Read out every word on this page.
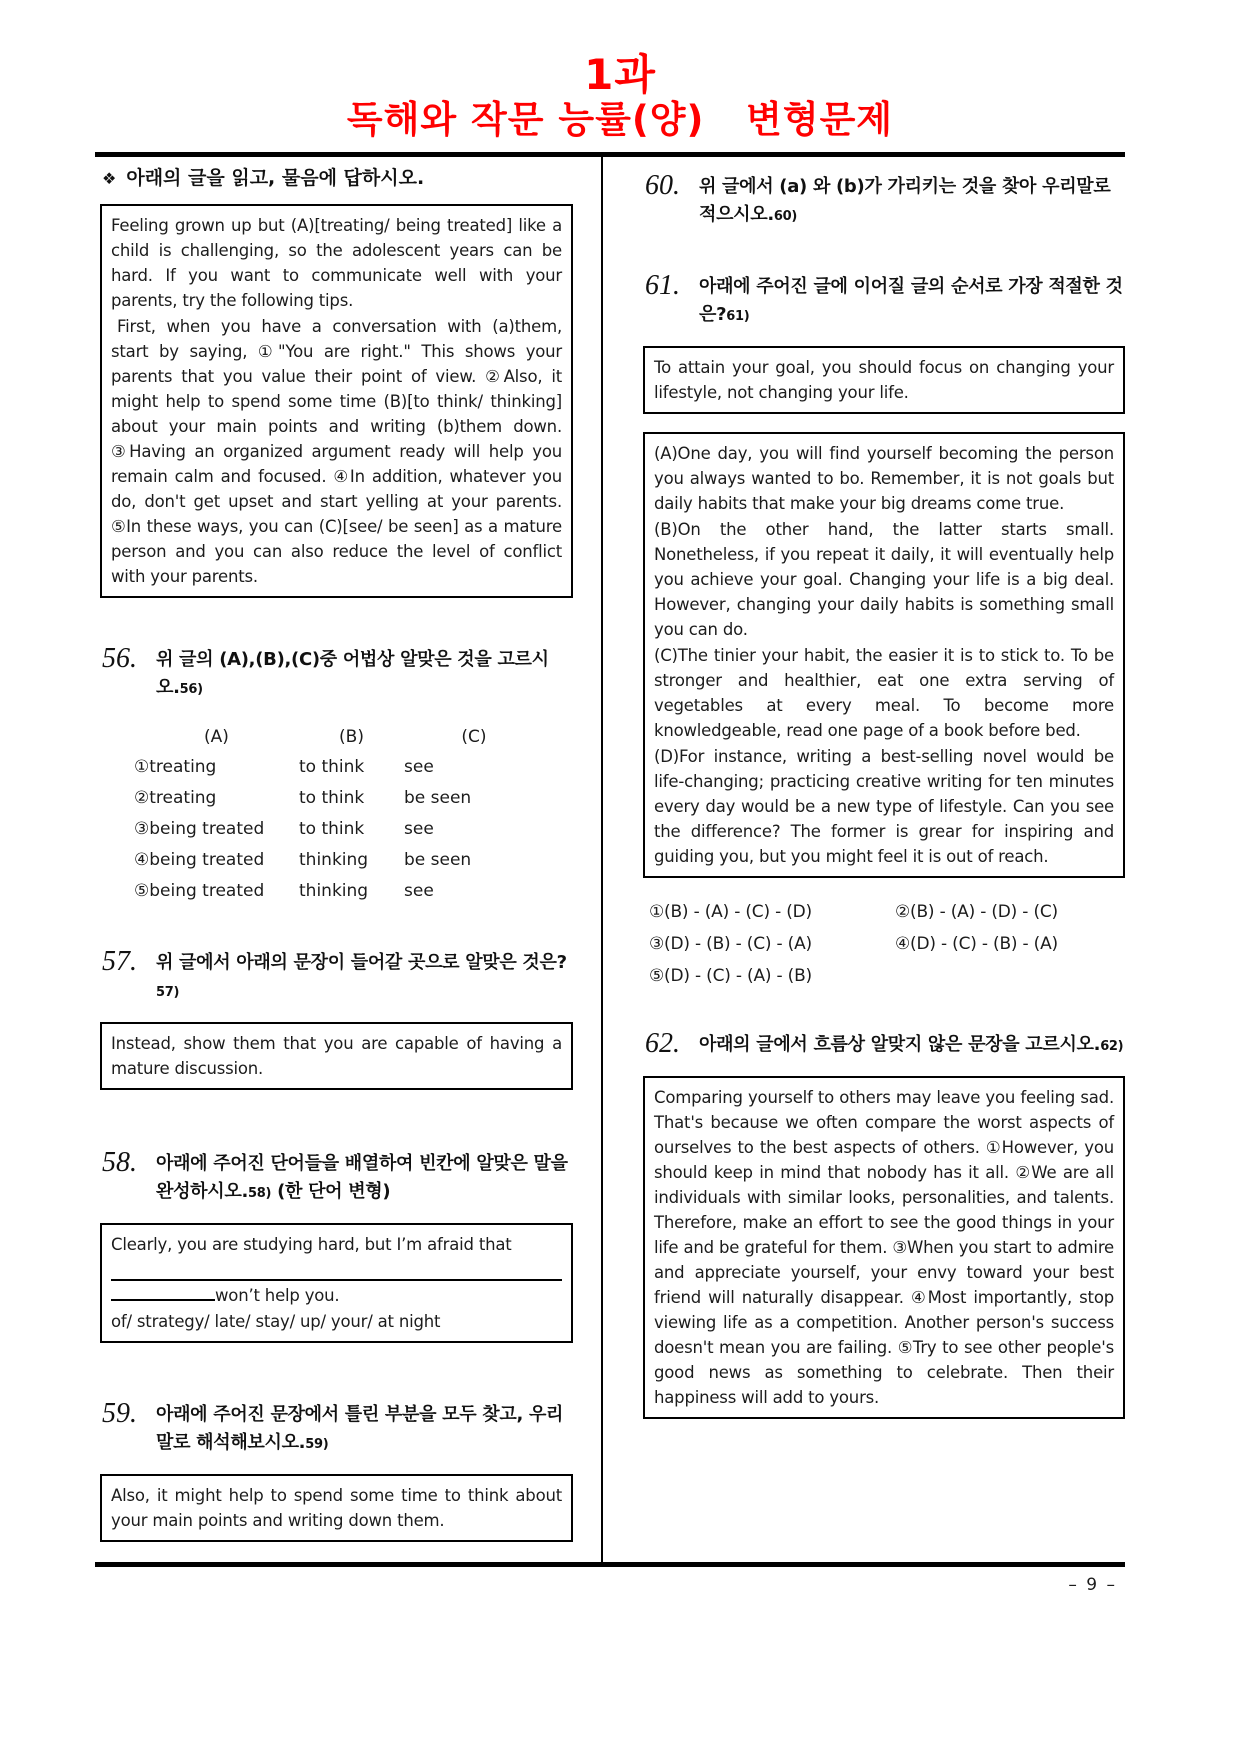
1과
독해와 작문 능률(양)   변형문제
❖ 아래의 글을 읽고, 물음에 답하시오.

Feeling grown up but (A)[treating/ being treated] like a child is challenging, so the adolescent years can be hard. If you want to communicate well with your parents, try the following tips.

First, when you have a conversation with (a)them, start by saying, ①"You are right." This shows your parents that you value their point of view. ②Also, it might help to spend some time (B)[to think/ thinking] about your main points and writing (b)them down. ③Having an organized argument ready will help you remain calm and focused. ④In addition, whatever you do, don't get upset and start yelling at your parents. ⑤In these ways, you can (C)[see/ be seen] as a mature person and you can also reduce the level of conflict with your parents.

56.	위 글의 (A),(B),(C)중 어법상 알맞은 것을 고르시오.56)
(A)	(B)	(C)
①treating	to think	see
②treating	to think	be seen
③being treated	to think	see
④being treated	thinking	be seen
⑤being treated	thinking	see
57.	위 글에서 아래의 문장이 들어갈 곳으로 알맞은 것은?57)

Instead, show them that you are capable of having a mature discussion.

58.	아래에 주어진 단어들을 배열하여 빈칸에 알맞은 말을 완성하시오.58) (한 단어 변형)

Clearly, you are studying hard, but I’m afraid that

won’t help you.

of/ strategy/ late/ stay/ up/ your/ at night

59.	아래에 주어진 문장에서 틀린 부분을 모두 찾고, 우리말로 해석해보시오.59)

Also, it might help to spend some time to think about your main points and writing down them.

60.	위 글에서 (a) 와 (b)가 가리키는 것을 찾아 우리말로 적으시오.60)
61.	아래에 주어진 글에 이어질 글의 순서로 가장 적절한 것은?61)

To attain your goal, you should focus on changing your lifestyle, not changing your life.

(A)One day, you will find yourself becoming the person you always wanted to bo. Remember, it is not goals but daily habits that make your big dreams come true.

(B)On the other hand, the latter starts small. Nonetheless, if you repeat it daily, it will eventually help you achieve your goal. Changing your life is a big deal. However, changing your daily habits is something small you can do.

(C)The tinier your habit, the easier it is to stick to. To be stronger and healthier, eat one extra serving of vegetables at every meal. To become more knowledgeable, read one page of a book before bed.

(D)For instance, writing a best-selling novel would be life-changing; practicing creative writing for ten minutes every day would be a new type of lifestyle. Can you see the difference? The former is grear for inspiring and guiding you, but you might feel it is out of reach.

①(B) - (A) - (C) - (D)	②(B) - (A) - (D) - (C)
③(D) - (B) - (C) - (A)	④(D) - (C) - (B) - (A)
⑤(D) - (C) - (A) - (B)
62.	아래의 글에서 흐름상 알맞지 않은 문장을 고르시오.62)

Comparing yourself to others may leave you feeling sad. That's because we often compare the worst aspects of ourselves to the best aspects of others. ①However, you should keep in mind that nobody has it all. ②We are all individuals with similar looks, personalities, and talents. Therefore, make an effort to see the good things in your life and be grateful for them. ③When you start to admire and appreciate yourself, your envy toward your best friend will naturally disappear. ④Most importantly, stop viewing life as a competition. Another person's success doesn't mean you are failing. ⑤Try to see other people's good news as something to celebrate. Then their happiness will add to yours.

– 9 –
